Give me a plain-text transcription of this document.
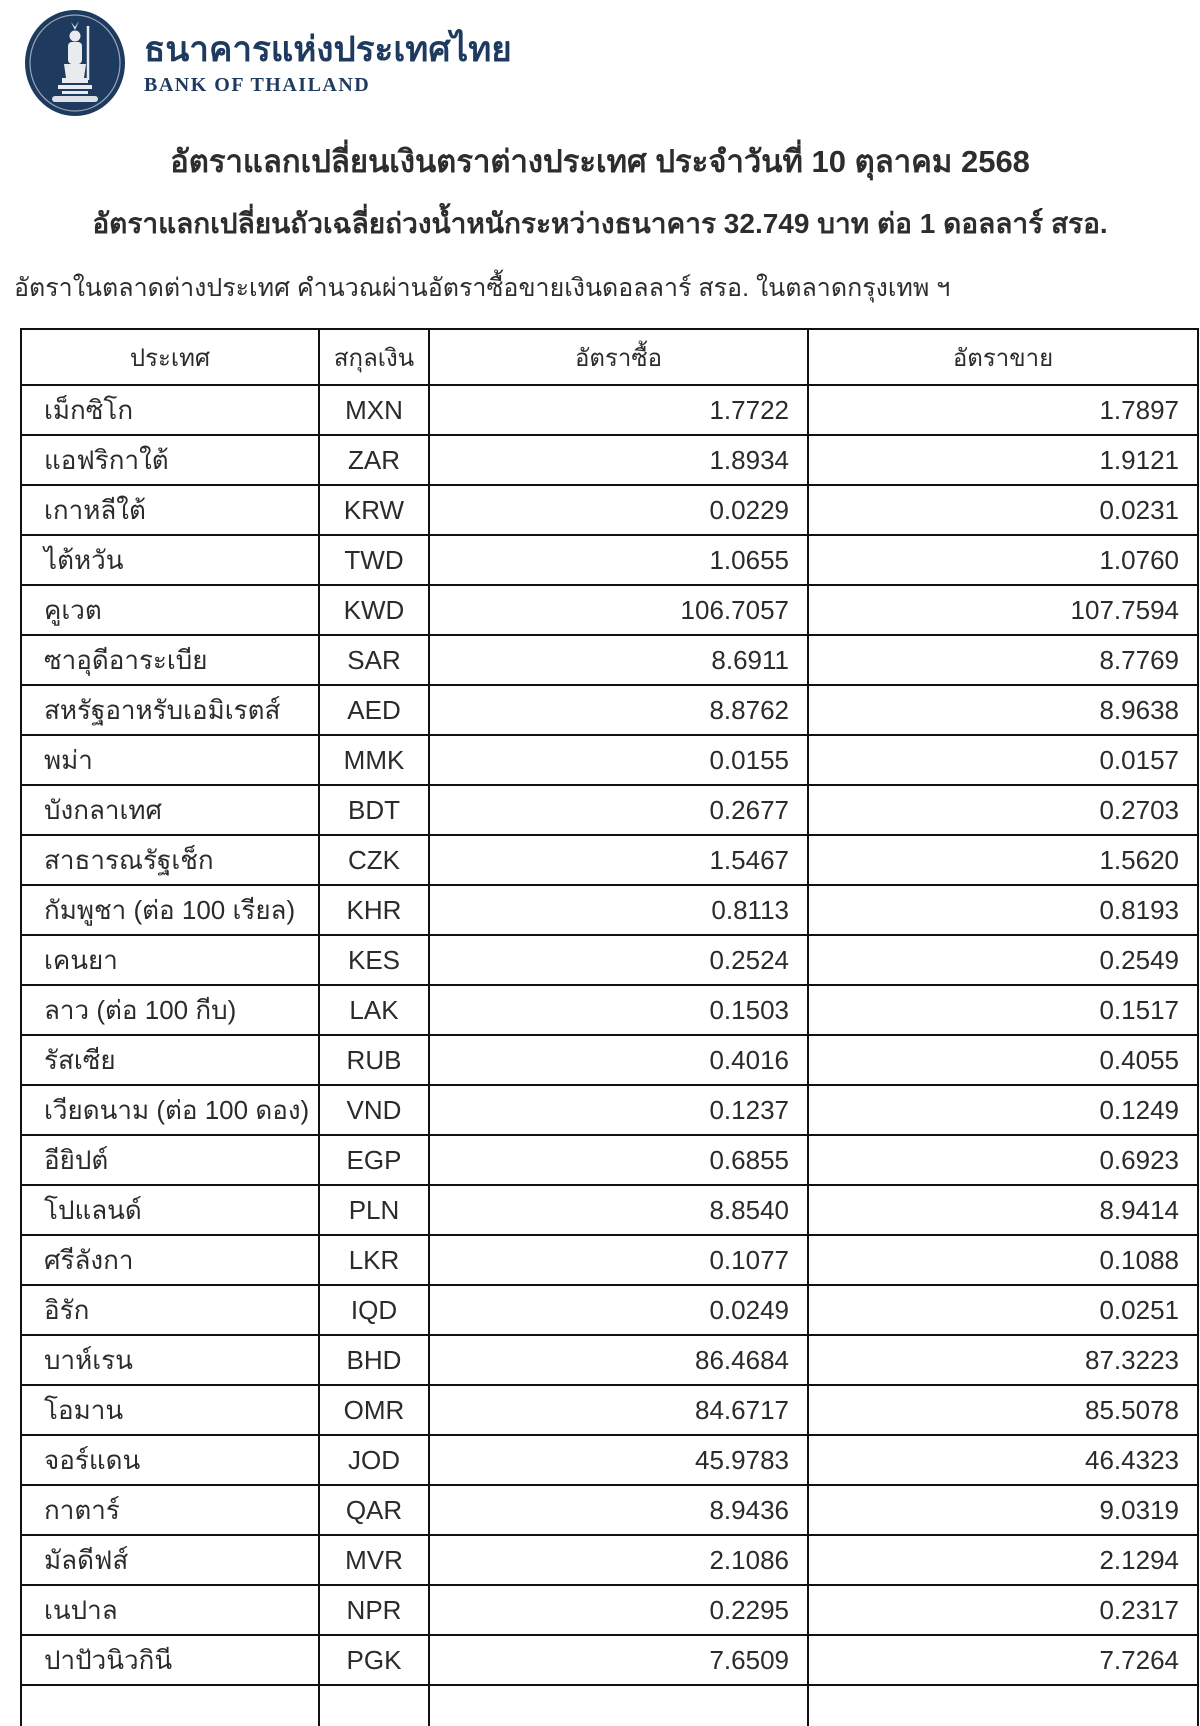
ธนาคารแห่งประเทศไทย
BANK OF THAILAND
อัตราแลกเปลี่ยนเงินตราต่างประเทศ ประจำวันที่ 10 ตุลาคม 2568
อัตราแลกเปลี่ยนถัวเฉลี่ยถ่วงน้ำหนักระหว่างธนาคาร 32.749 บาท ต่อ 1 ดอลลาร์ สรอ.
อัตราในตลาดต่างประเทศ คำนวณผ่านอัตราซื้อขายเงินดอลลาร์ สรอ. ในตลาดกรุงเทพ ฯ
ประเทศ	สกุลเงิน	อัตราซื้อ	อัตราขาย
เม็กซิโก	MXN	1.7722	1.7897
แอฟริกาใต้	ZAR	1.8934	1.9121
เกาหลีใต้	KRW	0.0229	0.0231
ไต้หวัน	TWD	1.0655	1.0760
คูเวต	KWD	106.7057	107.7594
ซาอุดีอาระเบีย	SAR	8.6911	8.7769
สหรัฐอาหรับเอมิเรตส์	AED	8.8762	8.9638
พม่า	MMK	0.0155	0.0157
บังกลาเทศ	BDT	0.2677	0.2703
สาธารณรัฐเช็ก	CZK	1.5467	1.5620
กัมพูชา (ต่อ 100 เรียล)	KHR	0.8113	0.8193
เคนยา	KES	0.2524	0.2549
ลาว (ต่อ 100 กีบ)	LAK	0.1503	0.1517
รัสเซีย	RUB	0.4016	0.4055
เวียดนาม (ต่อ 100 ดอง)	VND	0.1237	0.1249
อียิปต์	EGP	0.6855	0.6923
โปแลนด์	PLN	8.8540	8.9414
ศรีลังกา	LKR	0.1077	0.1088
อิรัก	IQD	0.0249	0.0251
บาห์เรน	BHD	86.4684	87.3223
โอมาน	OMR	84.6717	85.5078
จอร์แดน	JOD	45.9783	46.4323
กาตาร์	QAR	8.9436	9.0319
มัลดีฟส์	MVR	2.1086	2.1294
เนปาล	NPR	0.2295	0.2317
ปาปัวนิวกินี	PGK	7.6509	7.7264
